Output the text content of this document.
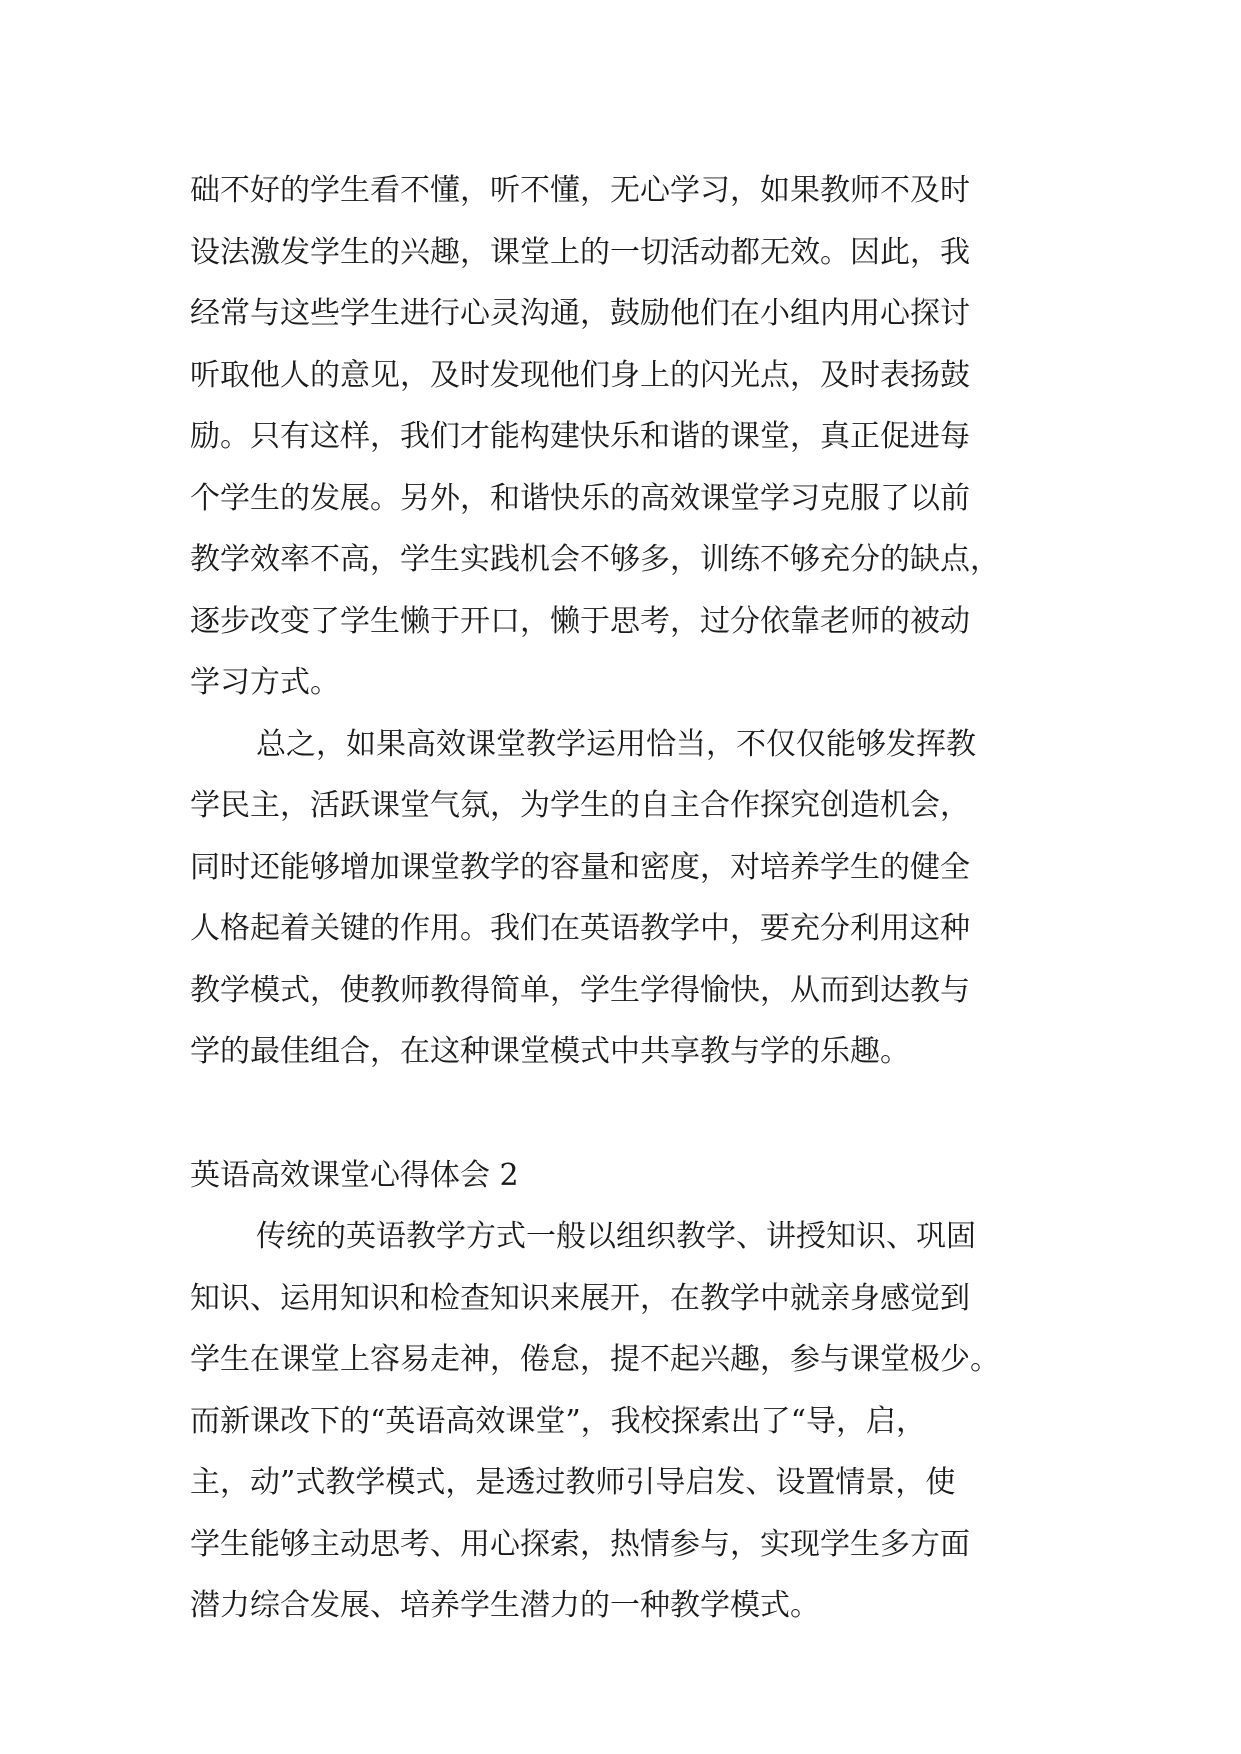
础不好的学生看不懂，听不懂，无心学习，如果教师不及时
设法激发学生的兴趣，课堂上的一切活动都无效。因此，我
经常与这些学生进行心灵沟通，鼓励他们在小组内用心探讨
听取他人的意见，及时发现他们身上的闪光点，及时表扬鼓
励。只有这样，我们才能构建快乐和谐的课堂，真正促进每
个学生的发展。另外，和谐快乐的高效课堂学习克服了以前
教学效率不高，学生实践机会不够多，训练不够充分的缺点，
逐步改变了学生懒于开口，懒于思考，过分依靠老师的被动
学习方式。
总之，如果高效课堂教学运用恰当，不仅仅能够发挥教
学民主，活跃课堂气氛，为学生的自主合作探究创造机会，
同时还能够增加课堂教学的容量和密度，对培养学生的健全
人格起着关键的作用。我们在英语教学中，要充分利用这种
教学模式，使教师教得简单，学生学得愉快，从而到达教与
学的最佳组合，在这种课堂模式中共享教与学的乐趣。
英语高效课堂心得体会 2
传统的英语教学方式一般以组织教学、讲授知识、巩固
知识、运用知识和检查知识来展开，在教学中就亲身感觉到
学生在课堂上容易走神，倦怠，提不起兴趣，参与课堂极少。
而新课改下的“英语高效课堂”，我校探索出了“导，启，
主，动”式教学模式，是透过教师引导启发、设置情景，使
学生能够主动思考、用心探索，热情参与，实现学生多方面
潜力综合发展、培养学生潜力的一种教学模式。
